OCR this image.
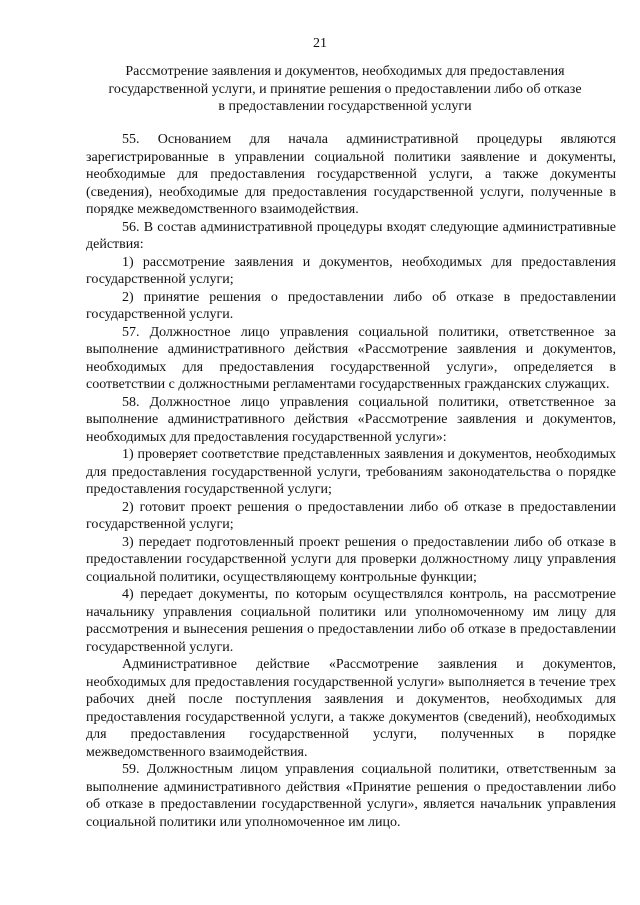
21
Рассмотрение заявления и документов, необходимых для предоставления
государственной услуги, и принятие решения о предоставлении либо об отказе
в предоставлении государственной услуги

55. Основанием для начала административной процедуры являются зарегистрированные в управлении социальной политики заявление и документы, необходимые для предоставления государственной услуги, а также документы (сведения), необходимые для предоставления государственной услуги, полученные в порядке межведомственного взаимодействия.

56. В состав административной процедуры входят следующие административные действия:

1) рассмотрение заявления и документов, необходимых для предоставления государственной услуги;

2) принятие решения о предоставлении либо об отказе в предоставлении государственной услуги.

57. Должностное лицо управления социальной политики, ответственное за выполнение административного действия «Рассмотрение заявления и документов, необходимых для предоставления государственной услуги», определяется в соответствии с должностными регламентами государственных гражданских служащих.

58. Должностное лицо управления социальной политики, ответственное за выполнение административного действия «Рассмотрение заявления и документов, необходимых для предоставления государственной услуги»:

1) проверяет соответствие представленных заявления и документов, необходимых для предоставления государственной услуги, требованиям законодательства о порядке предоставления государственной услуги;

2) готовит проект решения о предоставлении либо об отказе в предоставлении государственной услуги;

3) передает подготовленный проект решения о предоставлении либо об отказе в предоставлении государственной услуги для проверки должностному лицу управления социальной политики, осуществляющему контрольные функции;

4) передает документы, по которым осуществлялся контроль, на рассмотрение начальнику управления социальной политики или уполномоченному им лицу для рассмотрения и вынесения решения о предоставлении либо об отказе в предоставлении государственной услуги.

Административное действие «Рассмотрение заявления и документов, необходимых для предоставления государственной услуги» выполняется в течение трех рабочих дней после поступления заявления и документов, необходимых для предоставления государственной услуги, а также документов (сведений), необходимых для предоставления государственной услуги, полученных в порядке межведомственного взаимодействия.

59. Должностным лицом управления социальной политики, ответственным за выполнение административного действия «Принятие решения о предоставлении либо об отказе в предоставлении государственной услуги», является начальник управления социальной политики или уполномоченное им лицо.
